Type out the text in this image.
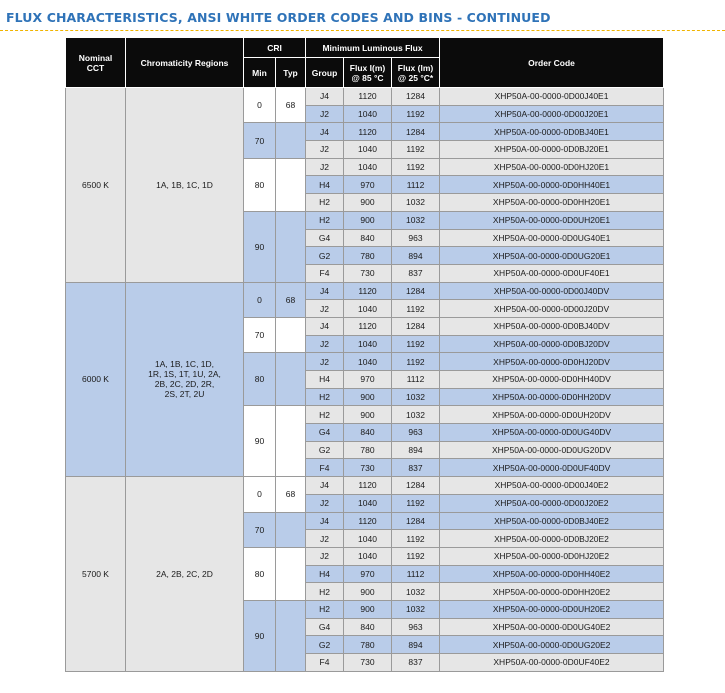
FLUX CHARACTERISTICS, ANSI WHITE ORDER CODES AND BINS - CONTINUED
Nominal CCT	Chromaticity Regions	CRI		Minimum Luminous Flux			Order Code
		Min	Typ	Group	Flux I(m) @ 85 °C	Flux (lm) @ 25 °C*	
6500 K	1A, 1B, 1C, 1D	0	68	J4	1120	1284	XHP50A-00-0000-0D00J40E1
				J2	1040	1192	XHP50A-00-0000-0D00J20E1
		70		J4	1120	1284	XHP50A-00-0000-0D0BJ40E1
				J2	1040	1192	XHP50A-00-0000-0D0BJ20E1
		80		J2	1040	1192	XHP50A-00-0000-0D0HJ20E1
				H4	970	1112	XHP50A-00-0000-0D0HH40E1
				H2	900	1032	XHP50A-00-0000-0D0HH20E1
		90		H2	900	1032	XHP50A-00-0000-0D0UH20E1
				G4	840	963	XHP50A-00-0000-0D0UG40E1
				G2	780	894	XHP50A-00-0000-0D0UG20E1
				F4	730	837	XHP50A-00-0000-0D0UF40E1
6000 K	1A, 1B, 1C, 1D, 1R, 1S, 1T, 1U, 2A, 2B, 2C, 2D, 2R, 2S, 2T, 2U	0	68	J4	1120	1284	XHP50A-00-0000-0D00J40DV
				J2	1040	1192	XHP50A-00-0000-0D00J20DV
		70		J4	1120	1284	XHP50A-00-0000-0D0BJ40DV
				J2	1040	1192	XHP50A-00-0000-0D0BJ20DV
		80		J2	1040	1192	XHP50A-00-0000-0D0HJ20DV
				H4	970	1112	XHP50A-00-0000-0D0HH40DV
				H2	900	1032	XHP50A-00-0000-0D0HH20DV
		90		H2	900	1032	XHP50A-00-0000-0D0UH20DV
				G4	840	963	XHP50A-00-0000-0D0UG40DV
				G2	780	894	XHP50A-00-0000-0D0UG20DV
				F4	730	837	XHP50A-00-0000-0D0UF40DV
5700 K	2A, 2B, 2C, 2D	0	68	J4	1120	1284	XHP50A-00-0000-0D00J40E2
				J2	1040	1192	XHP50A-00-0000-0D00J20E2
		70		J4	1120	1284	XHP50A-00-0000-0D0BJ40E2
				J2	1040	1192	XHP50A-00-0000-0D0BJ20E2
		80		J2	1040	1192	XHP50A-00-0000-0D0HJ20E2
				H4	970	1112	XHP50A-00-0000-0D0HH40E2
				H2	900	1032	XHP50A-00-0000-0D0HH20E2
		90		H2	900	1032	XHP50A-00-0000-0D0UH20E2
				G4	840	963	XHP50A-00-0000-0D0UG40E2
				G2	780	894	XHP50A-00-0000-0D0UG20E2
				F4	730	837	XHP50A-00-0000-0D0UF40E2
